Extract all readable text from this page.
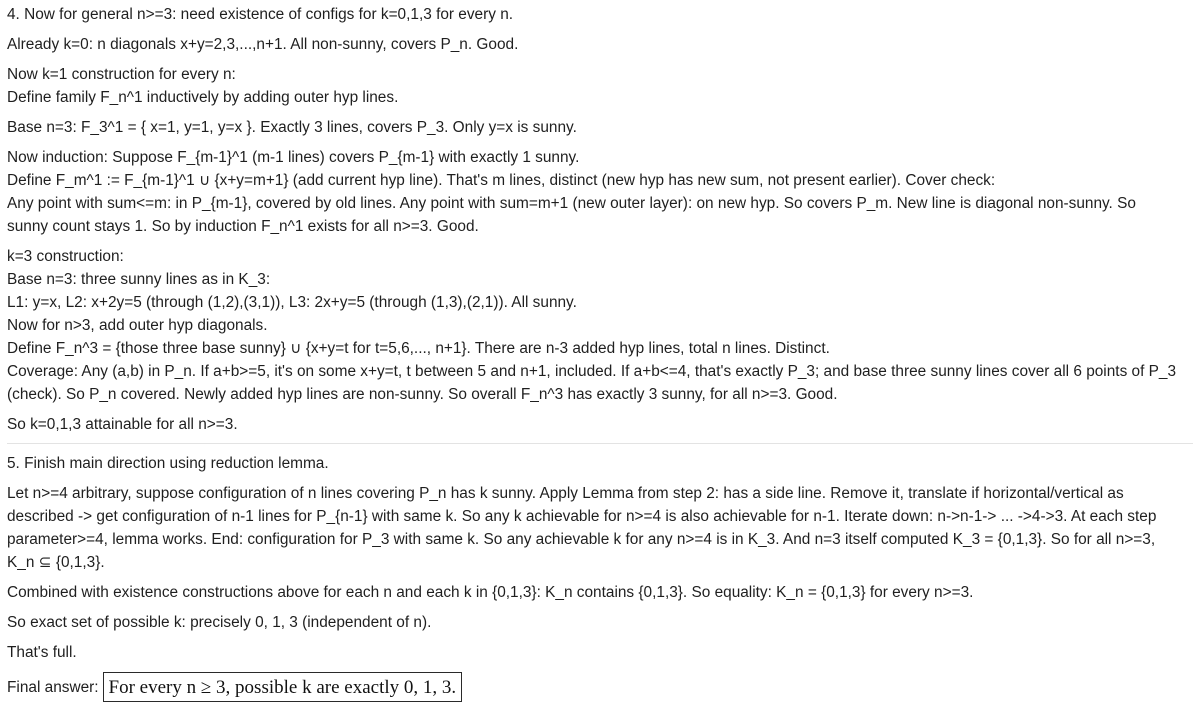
4. Now for general n>=3: need existence of configs for k=0,1,3 for every n.
Already k=0: n diagonals x+y=2,3,...,n+1. All non-sunny, covers P_n. Good.
Now k=1 construction for every n:
Define family F_n^1 inductively by adding outer hyp lines.
Base n=3: F_3^1 = { x=1, y=1, y=x }. Exactly 3 lines, covers P_3. Only y=x is sunny.
Now induction: Suppose F_{m-1}^1 (m-1 lines) covers P_{m-1} with exactly 1 sunny.
Define F_m^1 := F_{m-1}^1 ∪ {x+y=m+1} (add current hyp line). That's m lines, distinct (new hyp has new sum, not present earlier). Cover check:
Any point with sum<=m: in P_{m-1}, covered by old lines. Any point with sum=m+1 (new outer layer): on new hyp. So covers P_m. New line is diagonal non-sunny. So
sunny count stays 1. So by induction F_n^1 exists for all n>=3. Good.
k=3 construction:
Base n=3: three sunny lines as in K_3:
L1: y=x, L2: x+2y=5 (through (1,2),(3,1)), L3: 2x+y=5 (through (1,3),(2,1)). All sunny.
Now for n>3, add outer hyp diagonals.
Define F_n^3 = {those three base sunny} ∪ {x+y=t for t=5,6,..., n+1}. There are n-3 added hyp lines, total n lines. Distinct.
Coverage: Any (a,b) in P_n. If a+b>=5, it's on some x+y=t, t between 5 and n+1, included. If a+b<=4, that's exactly P_3; and base three sunny lines cover all 6 points of P_3
(check). So P_n covered. Newly added hyp lines are non-sunny. So overall F_n^3 has exactly 3 sunny, for all n>=3. Good.
So k=0,1,3 attainable for all n>=3.
5. Finish main direction using reduction lemma.
Let n>=4 arbitrary, suppose configuration of n lines covering P_n has k sunny. Apply Lemma from step 2: has a side line. Remove it, translate if horizontal/vertical as
described -> get configuration of n-1 lines for P_{n-1} with same k. So any k achievable for n>=4 is also achievable for n-1. Iterate down: n->n-1-> ... ->4->3. At each step
parameter>=4, lemma works. End: configuration for P_3 with same k. So any achievable k for any n>=4 is in K_3. And n=3 itself computed K_3 = {0,1,3}. So for all n>=3,
K_n ⊆ {0,1,3}.
Combined with existence constructions above for each n and each k in {0,1,3}: K_n contains {0,1,3}. So equality: K_n = {0,1,3} for every n>=3.
So exact set of possible k: precisely 0, 1, 3 (independent of n).
That's full.
Final answer: For every n ≥ 3, possible k are exactly 0, 1, 3.
